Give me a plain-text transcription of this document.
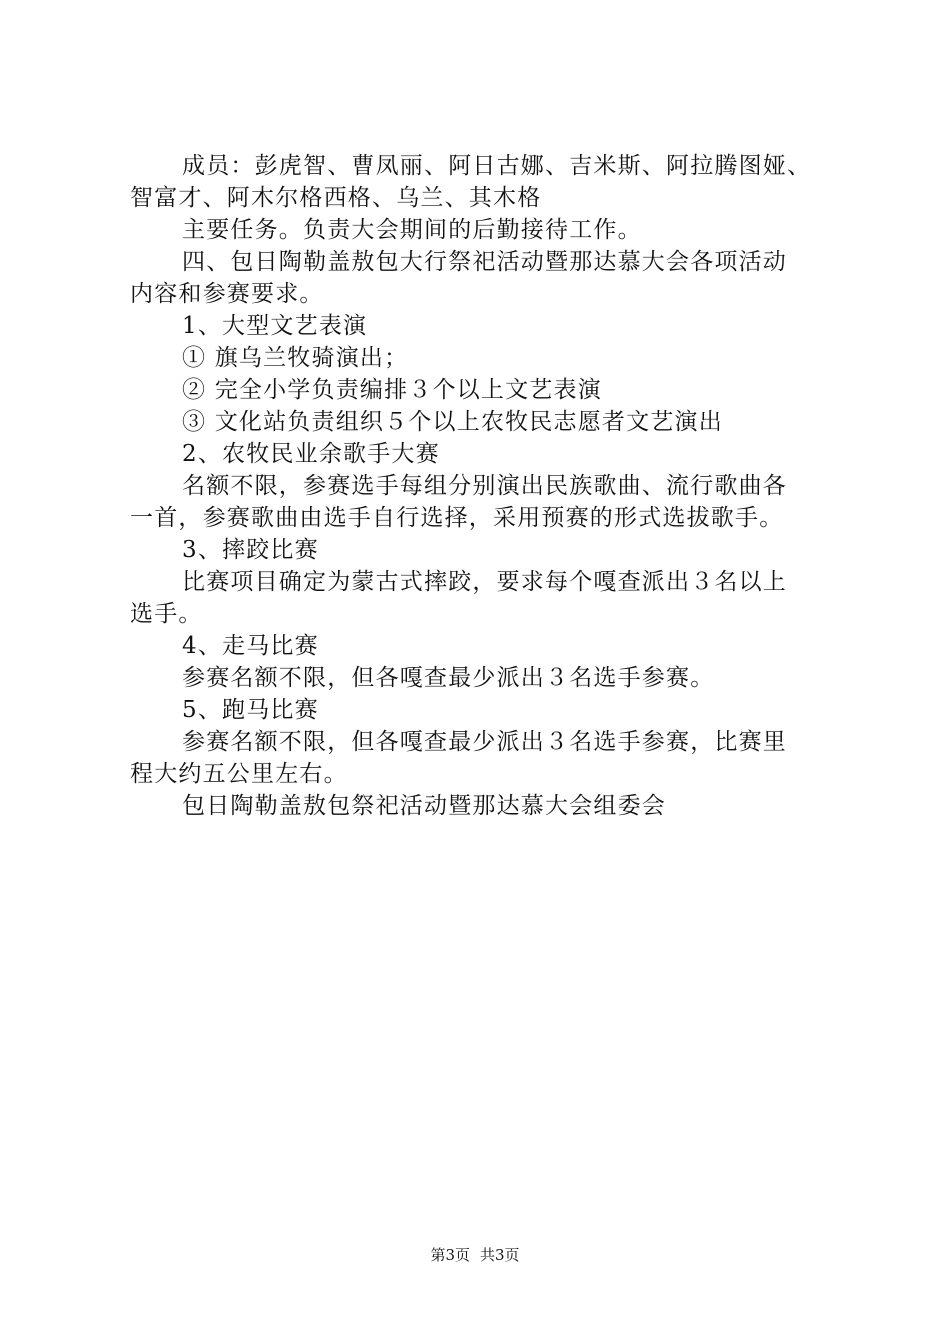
成员：彭虎智、曹凤丽、阿日古娜、吉米斯、阿拉腾图娅、
智富才、阿木尔格西格、乌兰、其木格
主要任务。负责大会期间的后勤接待工作。
四、包日陶勒盖敖包大行祭祀活动暨那达慕大会各项活动
内容和参赛要求。
1、大型文艺表演
① 旗乌兰牧骑演出；
② 完全小学负责编排３个以上文艺表演
③ 文化站负责组织５个以上农牧民志愿者文艺演出
2、农牧民业余歌手大赛
名额不限，参赛选手每组分别演出民族歌曲、流行歌曲各
一首，参赛歌曲由选手自行选择，采用预赛的形式选拔歌手。
3、摔跤比赛
比赛项目确定为蒙古式摔跤，要求每个嘎查派出３名以上
选手。
4、走马比赛
参赛名额不限，但各嘎查最少派出３名选手参赛。
5、跑马比赛
参赛名额不限，但各嘎查最少派出３名选手参赛，比赛里
程大约五公里左右。
包日陶勒盖敖包祭祀活动暨那达慕大会组委会
第3页 共3页
